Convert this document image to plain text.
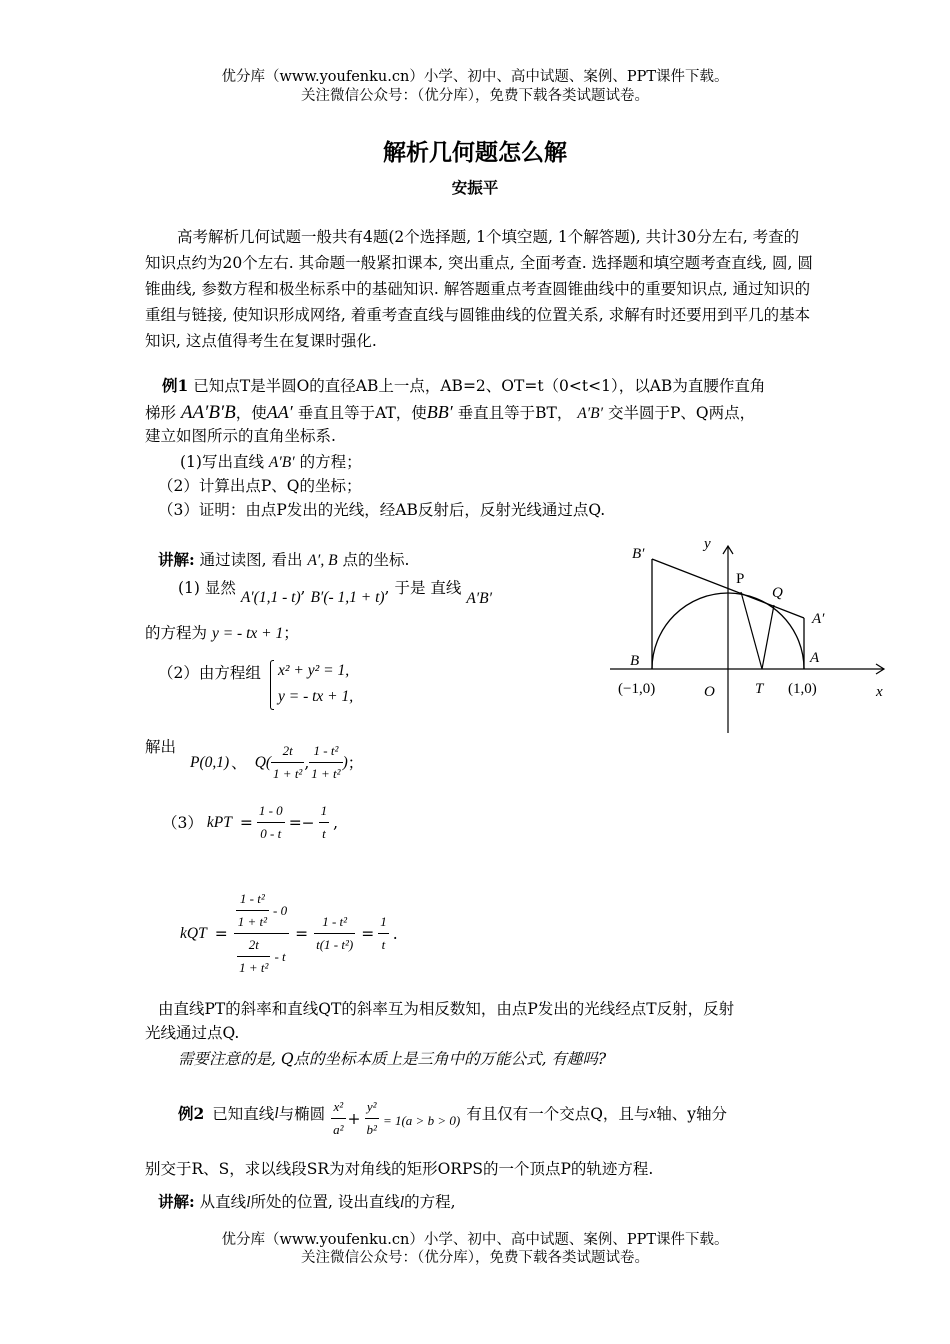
优分库（www.youfenku.cn）小学、初中、高中试题、案例、PPT课件下载。
关注微信公众号：（优分库），免费下载各类试题试卷。
解析几何题怎么解
安振平
高考解析几何试题一般共有4题(2个选择题, 1个填空题, 1个解答题), 共计30分左右, 考查的知识点约为20个左右. 其命题一般紧扣课本, 突出重点, 全面考查. 选择题和填空题考查直线, 圆, 圆锥曲线, 参数方程和极坐标系中的基础知识. 解答题重点考查圆锥曲线中的重要知识点, 通过知识的重组与链接, 使知识形成网络, 着重考查直线与圆锥曲线的位置关系, 求解有时还要用到平几的基本知识, 这点值得考生在复课时强化.
例1 已知点T是半圆O的直径AB上一点，AB=2、OT=t（0<t<1），以AB为直腰作直角
梯形 AA′B′B，使AA′ 垂直且等于AT，使BB′ 垂直且等于BT， A′B′ 交半圆于P、Q两点，
建立如图所示的直角坐标系.
(1)写出直线 A′B′ 的方程；
（2）计算出点P、Q的坐标；
（3）证明：由点P发出的光线，经AB反射后，反射光线通过点Q.
讲解: 通过读图, 看出 A′, B 点的坐标.
(1) 显然 A′(1,1 - t), B′(- 1,1 + t), 于是 直线 A′B′
的方程为 y = - tx + 1；
（2）由方程组 x² + y² = 1,
y = - tx + 1,
解出
P(0,1) 、 $Q( \frac{2t}{\text{1 + t²}}$ , $\frac{\text{1 - t²}}{\text{1 + t²}}$ ) ；
（3） kPT = $\frac{1 - 0}{0 - t} =- \frac{1}{t}$ ,
kQT = $\frac{\frac{\text{1 - t²}}{\text{1 + t²}} - 0}{\frac{2t}{\text{1 + t²}} - t} = \frac{\text{1 - t²}}{\text{t(1 - t²)}} = \frac{1}{t}$ .
由直线PT的斜率和直线QT的斜率互为相反数知，由点P发出的光线经点T反射，反射
光线通过点Q.
需要注意的是, Q点的坐标本质上是三角中的万能公式, 有趣吗?
例2 已知直线 l 与椭圆 $\frac{\text{x²}}{\text{a²}} + \frac{\text{y²}}{\text{b²}} = 1(a > b > 0)$ 有且仅有一个交点Q，且与 x 轴、y轴分
别交于R、S，求以线段SR为对角线的矩形ORPS的一个顶点P的轨迹方程.
讲解: 从直线l所处的位置, 设出直线l的方程,
优分库（www.youfenku.cn）小学、初中、高中试题、案例、PPT课件下载。
关注微信公众号：（优分库），免费下载各类试题试卷。
B′
y
P
Q
A′
B	A
(−1,0)	O	T (1,0)	x
